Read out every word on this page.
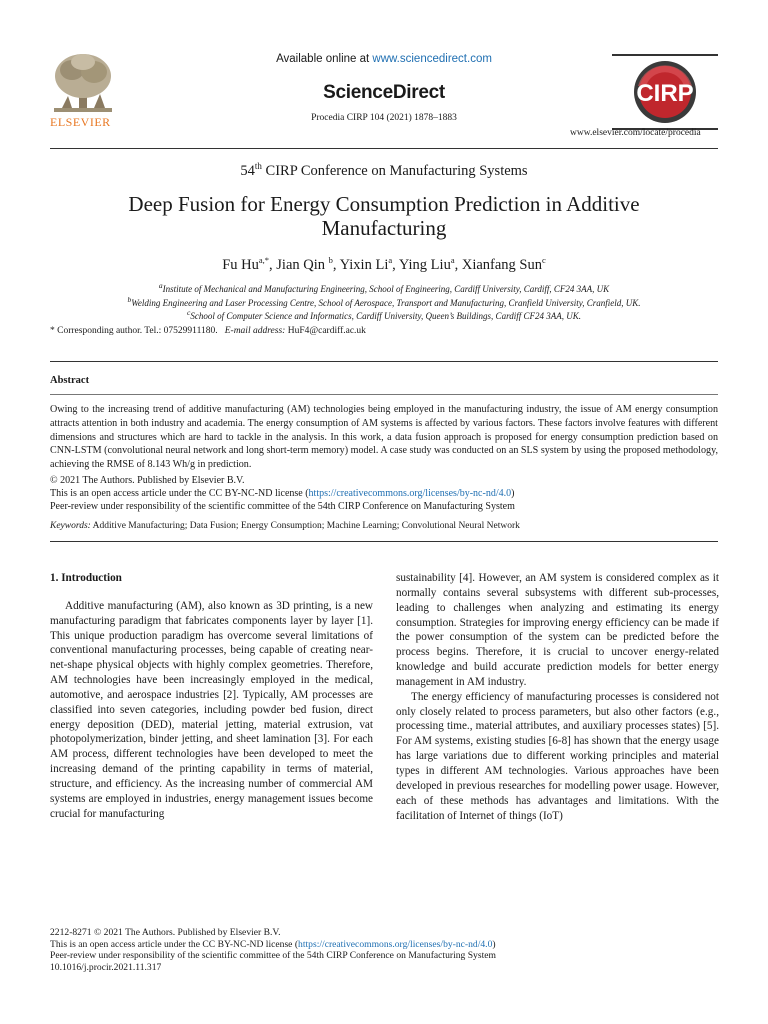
Available online at www.sciencedirect.com
ScienceDirect
Procedia CIRP 104 (2021) 1878–1883
ELSEVIER
CIRP
www.elsevier.com/locate/procedia
54th CIRP Conference on Manufacturing Systems
Deep Fusion for Energy Consumption Prediction in Additive Manufacturing
Fu $Hu^{a,*}$, Jian Qin $^b$, Yixin Li$^a$, Ying Liu$^a$, Xianfang Sun$^c$
$^a$Institute of Mechanical and Manufacturing Engineering, School of Engineering, Cardiff University, Cardiff, CF24 3AA, UK
$^b$Welding Engineering and Laser Processing Centre, School of Aerospace, Transport and Manufacturing, Cranfield University, Cranfield, UK.
$^c$School of Computer Science and Informatics, Cardiff University, Queen’s Buildings, Cardiff CF24 3AA, UK.
* Corresponding author. Tel.: 07529911180.   E-mail address: HuF4@cardiff.ac.uk
Abstract
Owing to the increasing trend of additive manufacturing (AM) technologies being employed in the manufacturing industry, the issue of AM energy consumption attracts attention in both industry and academia. The energy consumption of AM systems is affected by various factors. These factors involve features with different dimensions and structures which are hard to tackle in the analysis. In this work, a data fusion approach is proposed for energy consumption prediction based on CNN-LSTM (convolutional neural network and long short-term memory) model. A case study was conducted on an SLS system by using the proposed methodology, achieving the RMSE of 8.143 Wh/g in prediction.
© 2021 The Authors. Published by Elsevier B.V.
This is an open access article under the CC BY-NC-ND license (https://creativecommons.org/licenses/by-nc-nd/4.0)
Peer-review under responsibility of the scientific committee of the 54th CIRP Conference on Manufacturing System
Keywords: Additive Manufacturing; Data Fusion; Energy Consumption; Machine Learning; Convolutional Neural Network
1. Introduction

Additive manufacturing (AM), also known as 3D printing, is a new manufacturing paradigm that fabricates components layer by layer [1]. This unique production paradigm has overcome several limitations of conventional manufacturing processes, being capable of creating near-net-shape physical objects with highly complex geometries. Therefore, AM technologies have been increasingly employed in the medical, automotive, and aerospace industries [2]. Typically, AM processes are classified into seven categories, including powder bed fusion, direct energy deposition (DED), material jetting, material extrusion, vat photopolymerization, binder jetting, and sheet lamination [3]. For each AM process, different technologies have been developed to meet the increasing demand of the printing capability in terms of material, structure, and efficiency. As the increasing number of commercial AM systems are employed in industries, energy management issues become crucial for manufacturing

sustainability [4]. However, an AM system is considered complex as it normally contains several subsystems with different sub-processes, leading to challenges when analyzing and estimating its energy consumption. Strategies for improving energy efficiency can be made if the power consumption of the system can be predicted before the process begins. Therefore, it is crucial to uncover energy-related knowledge and build accurate prediction models for better energy management in AM industry.

The energy efficiency of manufacturing processes is considered not only closely related to process parameters, but also other factors (e.g., processing time., material attributes, and auxiliary processes states) [5]. For AM systems, existing studies [6-8] has shown that the energy usage has large variations due to different working principles and material types in different AM technologies. Various approaches have been developed in previous researches for modelling power usage. However, each of these methods has advantages and limitations. With the facilitation of Internet of things (IoT)

2212-8271 © 2021 The Authors. Published by Elsevier B.V.
This is an open access article under the CC BY-NC-ND license (https://creativecommons.org/licenses/by-nc-nd/4.0)
Peer-review under responsibility of the scientific committee of the 54th CIRP Conference on Manufacturing System
10.1016/j.procir.2021.11.317
